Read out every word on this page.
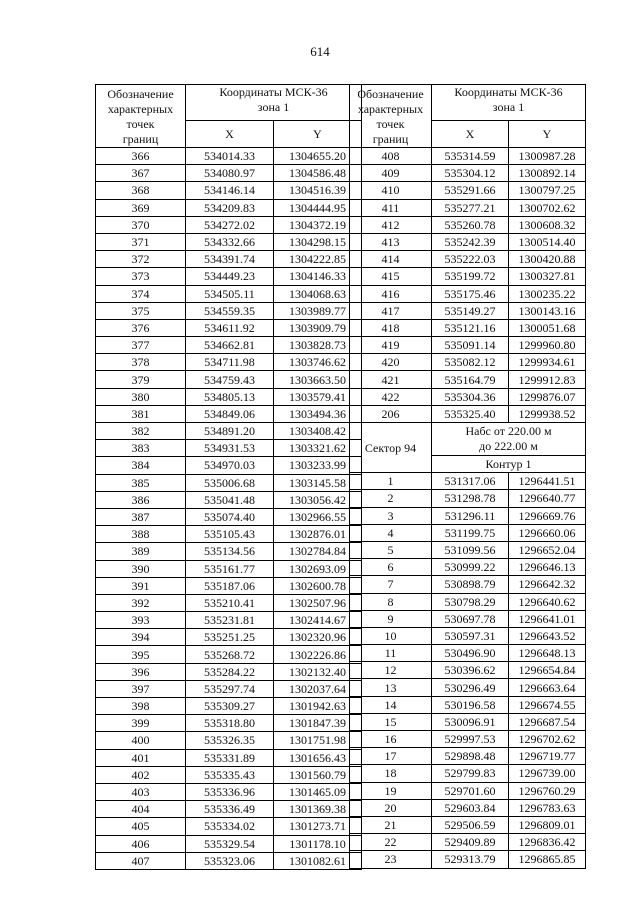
614
Обозначение
характерных
точек
границ	Координаты МСК-36
зона 1	
	X	Y
366	534014.33	1304655.20
367	534080.97	1304586.48
368	534146.14	1304516.39
369	534209.83	1304444.95
370	534272.02	1304372.19
371	534332.66	1304298.15
372	534391.74	1304222.85
373	534449.23	1304146.33
374	534505.11	1304068.63
375	534559.35	1303989.77
376	534611.92	1303909.79
377	534662.81	1303828.73
378	534711.98	1303746.62
379	534759.43	1303663.50
380	534805.13	1303579.41
381	534849.06	1303494.36
382	534891.20	1303408.42
383	534931.53	1303321.62
384	534970.03	1303233.99
385	535006.68	1303145.58
386	535041.48	1303056.42
387	535074.40	1302966.55
388	535105.43	1302876.01
389	535134.56	1302784.84
390	535161.77	1302693.09
391	535187.06	1302600.78
392	535210.41	1302507.96
393	535231.81	1302414.67
394	535251.25	1302320.96
395	535268.72	1302226.86
396	535284.22	1302132.40
397	535297.74	1302037.64
398	535309.27	1301942.63
399	535318.80	1301847.39
400	535326.35	1301751.98
401	535331.89	1301656.43
402	535335.43	1301560.79
403	535336.96	1301465.09
404	535336.49	1301369.38
405	535334.02	1301273.71
406	535329.54	1301178.10
407	535323.06	1301082.61
Обозначение
характерных
точек
границ	Координаты МСК-36
зона 1	
	X	Y
408	535314.59	1300987.28
409	535304.12	1300892.14
410	535291.66	1300797.25
411	535277.21	1300702.62
412	535260.78	1300608.32
413	535242.39	1300514.40
414	535222.03	1300420.88
415	535199.72	1300327.81
416	535175.46	1300235.22
417	535149.27	1300143.16
418	535121.16	1300051.68
419	535091.14	1299960.80
420	535082.12	1299934.61
421	535164.79	1299912.83
422	535304.36	1299876.07
206	535325.40	1299938.52
Сектор 94	Набс от 220.00 м
до 222.00 м	
	Контур 1	
1	531317.06	1296441.51
2	531298.78	1296640.77
3	531296.11	1296669.76
4	531199.75	1296660.06
5	531099.56	1296652.04
6	530999.22	1296646.13
7	530898.79	1296642.32
8	530798.29	1296640.62
9	530697.78	1296641.01
10	530597.31	1296643.52
11	530496.90	1296648.13
12	530396.62	1296654.84
13	530296.49	1296663.64
14	530196.58	1296674.55
15	530096.91	1296687.54
16	529997.53	1296702.62
17	529898.48	1296719.77
18	529799.83	1296739.00
19	529701.60	1296760.29
20	529603.84	1296783.63
21	529506.59	1296809.01
22	529409.89	1296836.42
23	529313.79	1296865.85
